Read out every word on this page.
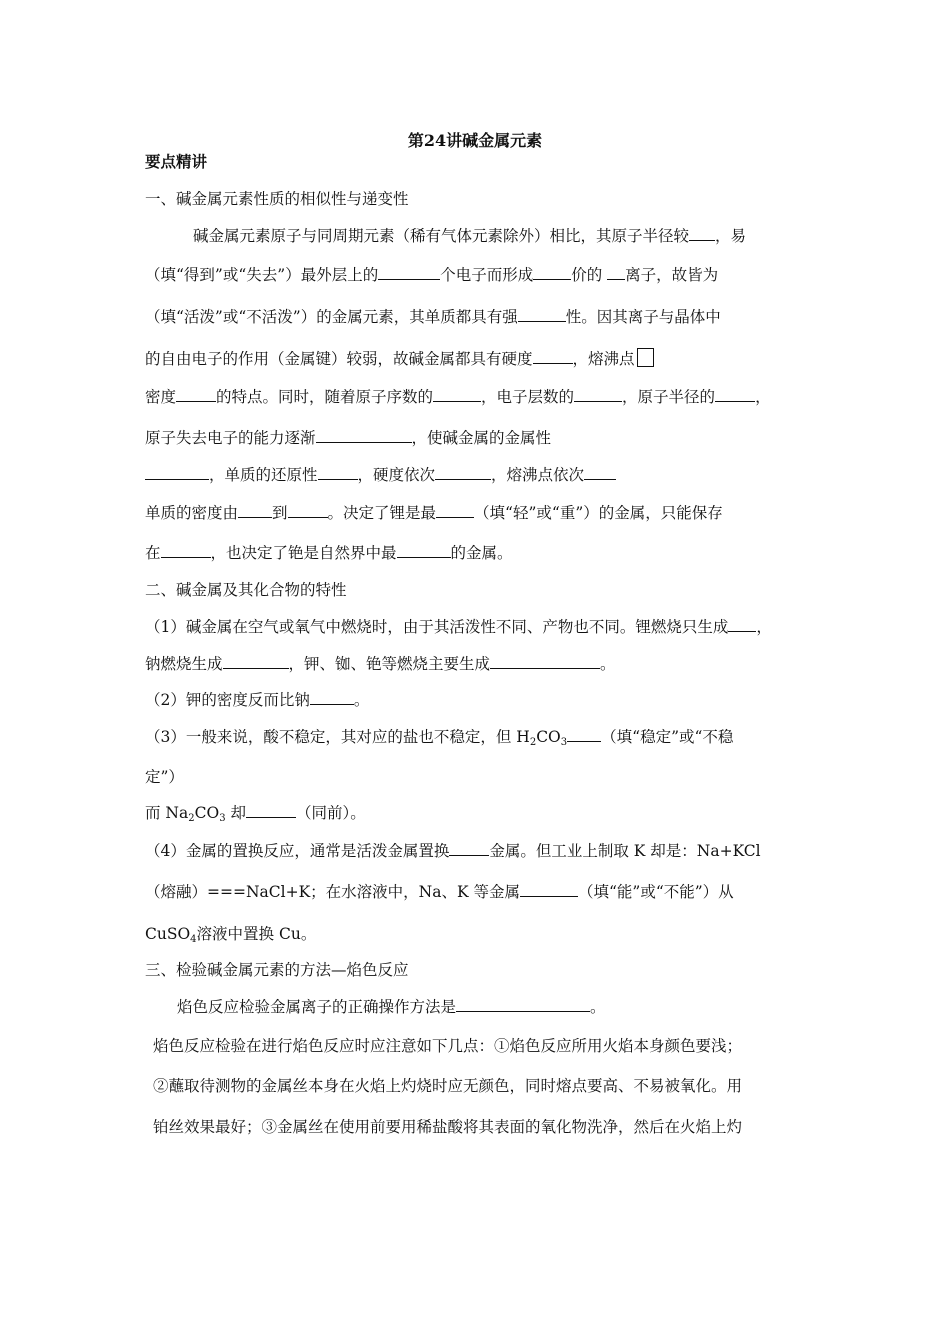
第24讲碱金属元素
要点精讲
一、碱金属元素性质的相似性与递变性
碱金属元素原子与同周期元素（稀有气体元素除外）相比，其原子半径较 ，易
（填“得到”或“失去”）最外层上的	个电子而形成 价的 离子，故皆为
（填“活泼”或“不活泼”）的金属元素，其单质都具有强	性。因其离子与晶体中
的自由电子的作用（金属键）较弱，故碱金属都具有硬度	，熔沸点
密度	的特点。同时，随着原子序数的	，电子层数的	，原子半径的	，
原子失去电子的能力逐渐	，使碱金属的金属性
，单质的还原性	，硬度依次	，熔沸点依次
单质的密度由 到	。决定了锂是最 （填“轻”或“重”）的金属，只能保存
在	，也决定了铯是自然界中最	的金属。
二、碱金属及其化合物的特性
（1）碱金属在空气或氧气中燃烧时，由于其活泼性不同、产物也不同。锂燃烧只生成 ，
钠燃烧生成	，钾、铷、铯等燃烧主要生成	。
（2）钾的密度反而比钠	。
（3）一般来说，酸不稳定，其对应的盐也不稳定，但 $H_2CO_3$ （填“稳定”或“不稳
定”）
而 $Na_2CO_3$ 却	（同前）。
（4）金属的置换反应，通常是活泼金属置换	金属。但工业上制取 K 却是：Na+KCl
（熔融）===NaCl+K；在水溶液中，Na、K 等金属	（填“能”或“不能”）从
CuSO$_4$溶液中置换 Cu。
三、检验碱金属元素的方法—焰色反应
焰色反应检验金属离子的正确操作方法是	。
焰色反应检验在进行焰色反应时应注意如下几点：①焰色反应所用火焰本身颜色要浅；
②蘸取待测物的金属丝本身在火焰上灼烧时应无颜色，同时熔点要高、不易被氧化。用
铂丝效果最好；③金属丝在使用前要用稀盐酸将其表面的氧化物洗净，然后在火焰上灼
